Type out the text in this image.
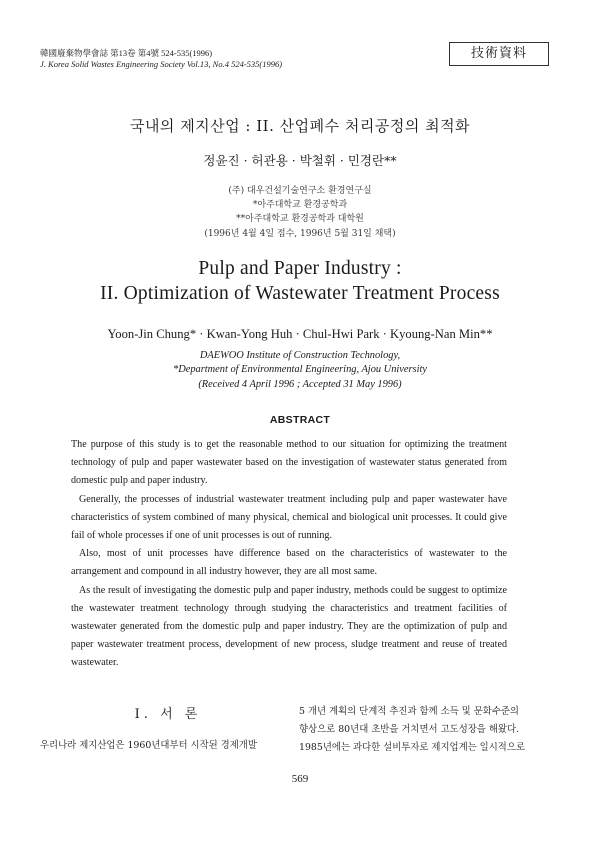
韓國廢棄物學會誌 第13卷 第4號 524-535(1996)
J. Korea Solid Wastes Engineering Society Vol.13, No.4 524-535(1996)
技術資料
국내의 제지산업 : II. 산업폐수 처리공정의 최적화
정윤진 · 허관용 · 박철휘 · 민경란**
(주) 대우건설기술연구소 환경연구실
*아주대학교 환경공학과
**아주대학교 환경공학과 대학원
(1996년 4월 4일 접수, 1996년 5월 31일 채택)
Pulp and Paper Industry :
II. Optimization of Wastewater Treatment Process
Yoon-Jin Chung* · Kwan-Yong Huh · Chul-Hwi Park · Kyoung-Nan Min**
DAEWOO Institute of Construction Technology,
*Department of Environmental Engineering, Ajou University
(Received 4 April 1996 ; Accepted 31 May 1996)
ABSTRACT

The purpose of this study is to get the reasonable method to our situation for optimizing the treatment technology of pulp and paper wastewater based on the investigation of wastewater status generated from domestic pulp and paper industry.

Generally, the processes of industrial wastewater treatment including pulp and paper wastewater have characteristics of system combined of many physical, chemical and biological unit processes. It could give fail of whole processes if one of unit processes is out of running.

Also, most of unit processes have difference based on the characteristics of wastewater to the arrangement and compound in all industry however, they are all most same.

As the result of investigating the domestic pulp and paper industry, methods could be suggest to optimize the wastewater treatment technology through studying the characteristics and treatment facilities of wastewater generated from the domestic pulp and paper industry. They are the optimization of pulp and paper wastewater treatment process, development of new process, sludge treatment and reuse of treated wastewater.

I. 서 론
우리나라 제지산업은 1960년대부터 시작된 경제개발

5 개년 계획의 단계적 추진과 함께 소득 및 문화수준의

향상으로 80년대 초반을 거치면서 고도성장을 해왔다.

1985년에는 과다한 설비투자로 제지업계는 일시적으로

569
